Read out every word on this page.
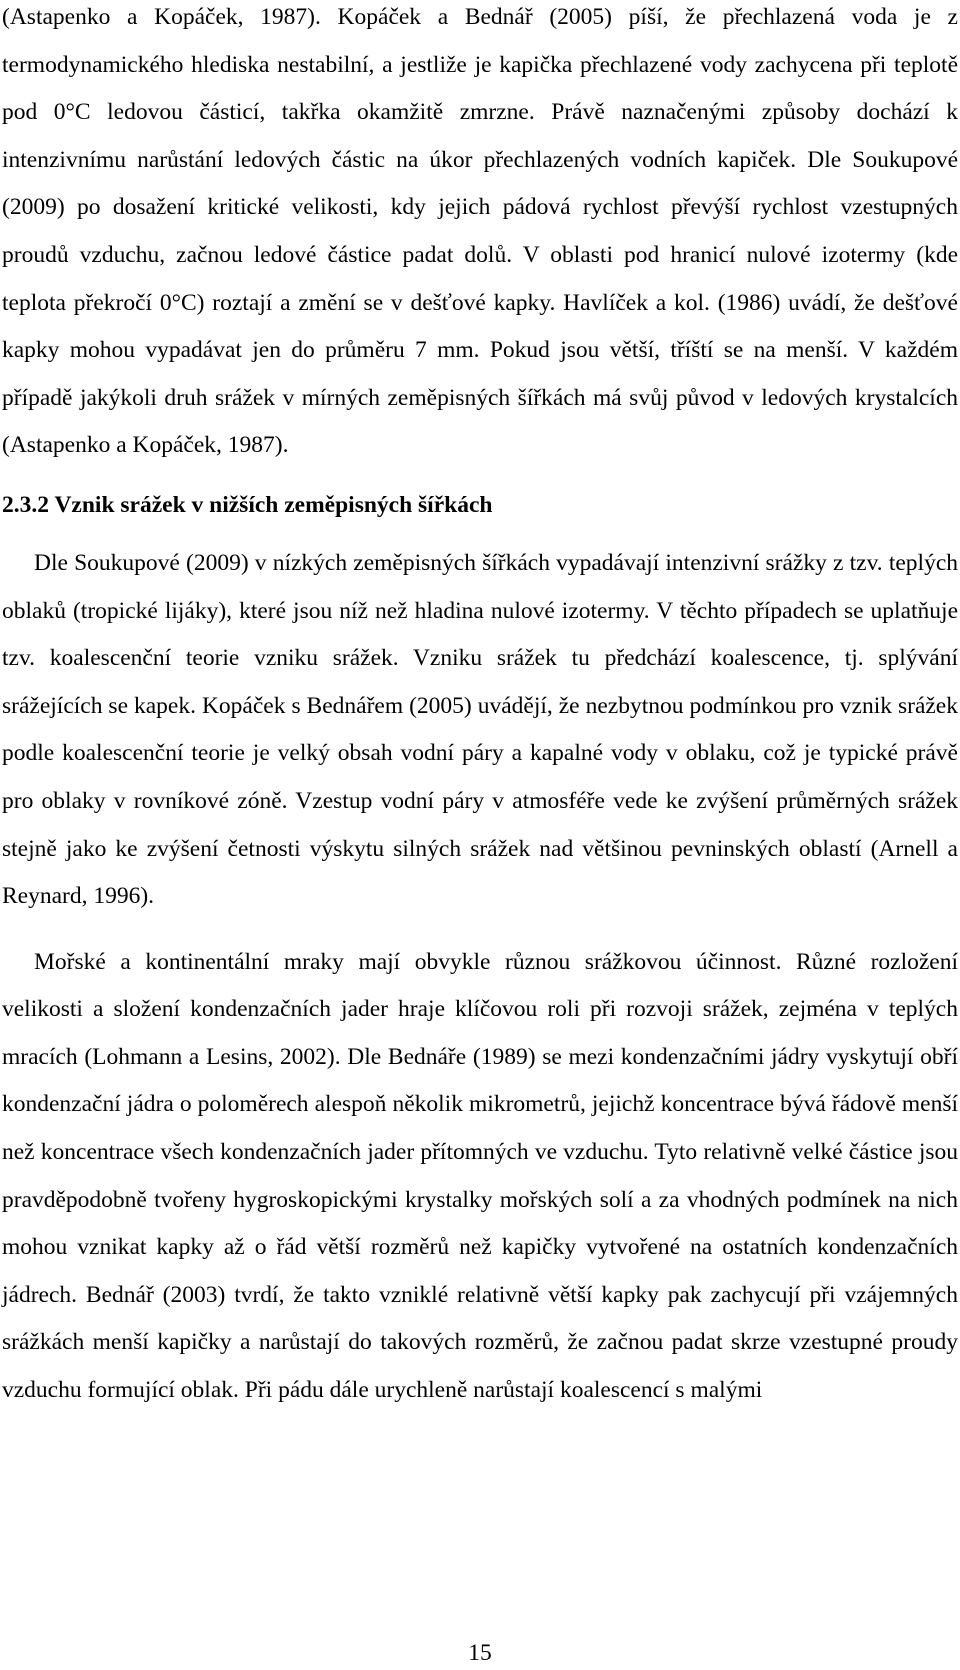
(Astapenko a Kopáček, 1987). Kopáček a Bednář (2005) píší, že přechlazená voda je z termodynamického hlediska nestabilní, a jestliže je kapička přechlazené vody zachycena při teplotě pod 0°C ledovou částicí, takřka okamžitě zmrzne. Právě naznačenými způsoby dochází k intenzivnímu narůstání ledových částic na úkor přechlazených vodních kapiček. Dle Soukupové (2009) po dosažení kritické velikosti, kdy jejich pádová rychlost převýší rychlost vzestupných proudů vzduchu, začnou ledové částice padat dolů. V oblasti pod hranicí nulové izotermy (kde teplota překročí 0°C) roztají a změní se v dešťové kapky. Havlíček a kol. (1986) uvádí, že dešťové kapky mohou vypadávat jen do průměru 7 mm. Pokud jsou větší, tříští se na menší. V každém případě jakýkoli druh srážek v mírných zeměpisných šířkách má svůj původ v ledových krystalcích (Astapenko a Kopáček, 1987).

2.3.2 Vznik srážek v nižších zeměpisných šířkách

Dle Soukupové (2009) v nízkých zeměpisných šířkách vypadávají intenzivní srážky z tzv. teplých oblaků (tropické lijáky), které jsou níž než hladina nulové izotermy. V těchto případech se uplatňuje tzv. koalescenční teorie vzniku srážek. Vzniku srážek tu předchází koalescence, tj. splývání srážejících se kapek. Kopáček s Bednářem (2005) uvádějí, že nezbytnou podmínkou pro vznik srážek podle koalescenční teorie je velký obsah vodní páry a kapalné vody v oblaku, což je typické právě pro oblaky v rovníkové zóně. Vzestup vodní páry v atmosféře vede ke zvýšení průměrných srážek stejně jako ke zvýšení četnosti výskytu silných srážek nad většinou pevninských oblastí (Arnell a Reynard, 1996).

Mořské a kontinentální mraky mají obvykle různou srážkovou účinnost. Různé rozložení velikosti a složení kondenzačních jader hraje klíčovou roli při rozvoji srážek, zejména v teplých mracích (Lohmann a Lesins, 2002). Dle Bednáře (1989) se mezi kondenzačními jádry vyskytují obří kondenzační jádra o poloměrech alespoň několik mikrometrů, jejichž koncentrace bývá řádově menší než koncentrace všech kondenzačních jader přítomných ve vzduchu. Tyto relativně velké částice jsou pravděpodobně tvořeny hygroskopickými krystalky mořských solí a za vhodných podmínek na nich mohou vznikat kapky až o řád větší rozměrů než kapičky vytvořené na ostatních kondenzačních jádrech. Bednář (2003) tvrdí, že takto vzniklé relativně větší kapky pak zachycují při vzájemných srážkách menší kapičky a narůstají do takových rozměrů, že začnou padat skrze vzestupné proudy vzduchu formující oblak. Při pádu dále urychleně narůstají koalescencí s malými

15
